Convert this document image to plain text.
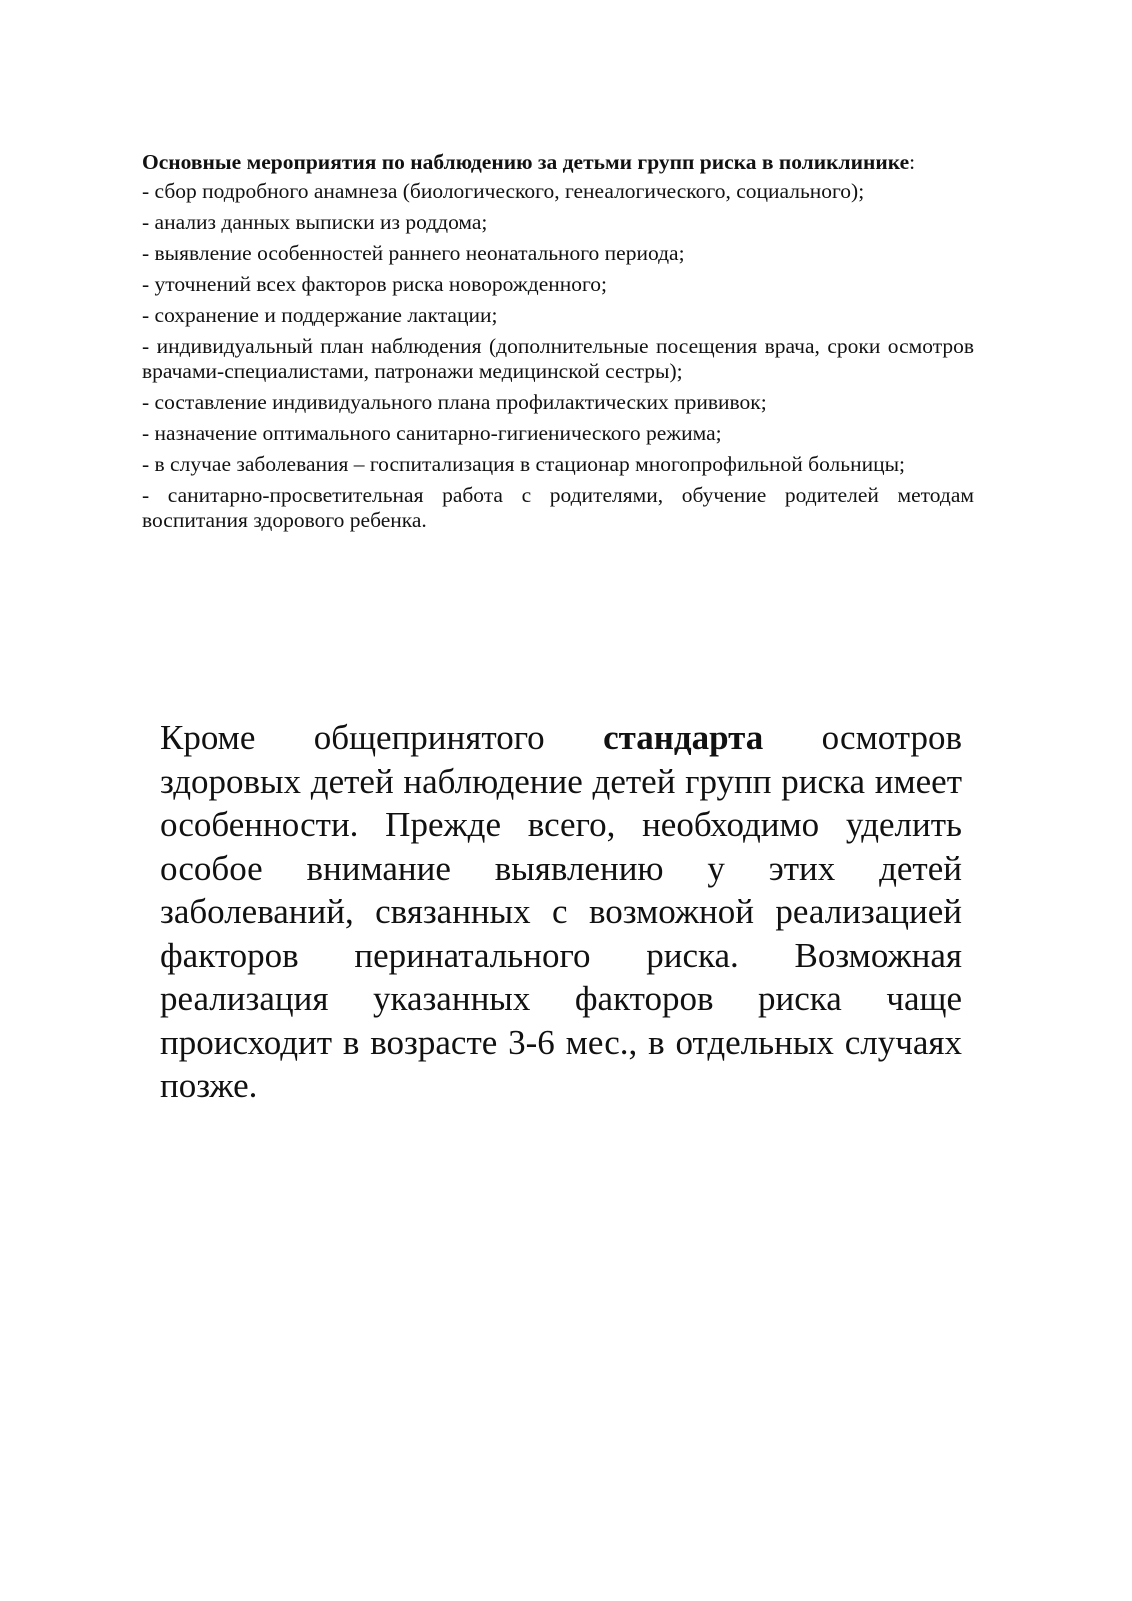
Основные мероприятия по наблюдению за детьми групп риска в поликлинике:

- сбор подробного анамнеза (биологического, генеалогического, социального);
- анализ данных выписки из роддома;
- выявление особенностей раннего неонатального периода;
- уточнений всех факторов риска новорожденного;
- сохранение и поддержание лактации;
- индивидуальный план наблюдения (дополнительные посещения врача, сроки осмотров врачами-специалистами, патронажи медицинской сестры);
- составление индивидуального плана профилактических прививок;
- назначение оптимального санитарно-гигиенического режима;
- в случае заболевания – госпитализация в стационар многопрофильной больницы;
- санитарно-просветительная работа с родителями, обучение родителей методам воспитания здорового ребенка.

Кроме общепринятого стандарта осмотров здоровых детей наблюдение детей групп риска имеет особенности. Прежде всего, необходимо уделить особое внимание выявлению у этих детей заболеваний, связанных с возможной реализацией факторов перинатального риска. Возможная реализация указанных факторов риска чаще происходит в возрасте 3-6 мес., в отдельных случаях позже.
